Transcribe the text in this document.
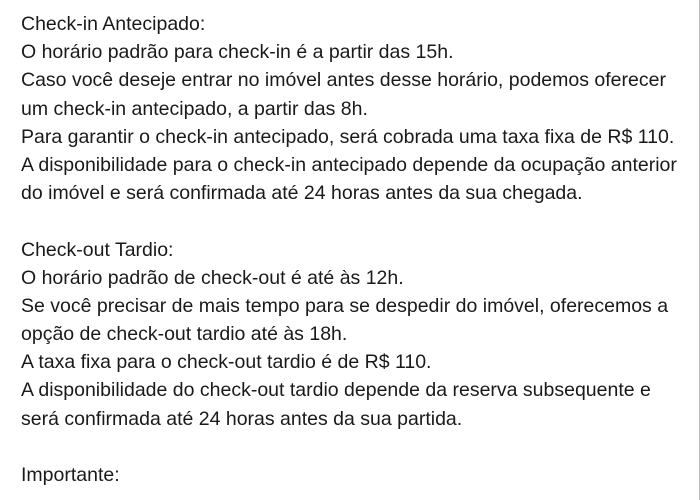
Check-in Antecipado:
O horário padrão para check-in é a partir das 15h.
Caso você deseje entrar no imóvel antes desse horário, podemos oferecer
um check-in antecipado, a partir das 8h.
Para garantir o check-in antecipado, será cobrada uma taxa fixa de R$ 110.
A disponibilidade para o check-in antecipado depende da ocupação anterior
do imóvel e será confirmada até 24 horas antes da sua chegada.
Check-out Tardio:
O horário padrão de check-out é até às 12h.
Se você precisar de mais tempo para se despedir do imóvel, oferecemos a
opção de check-out tardio até às 18h.
A taxa fixa para o check-out tardio é de R$ 110.
A disponibilidade do check-out tardio depende da reserva subsequente e
será confirmada até 24 horas antes da sua partida.
Importante:
